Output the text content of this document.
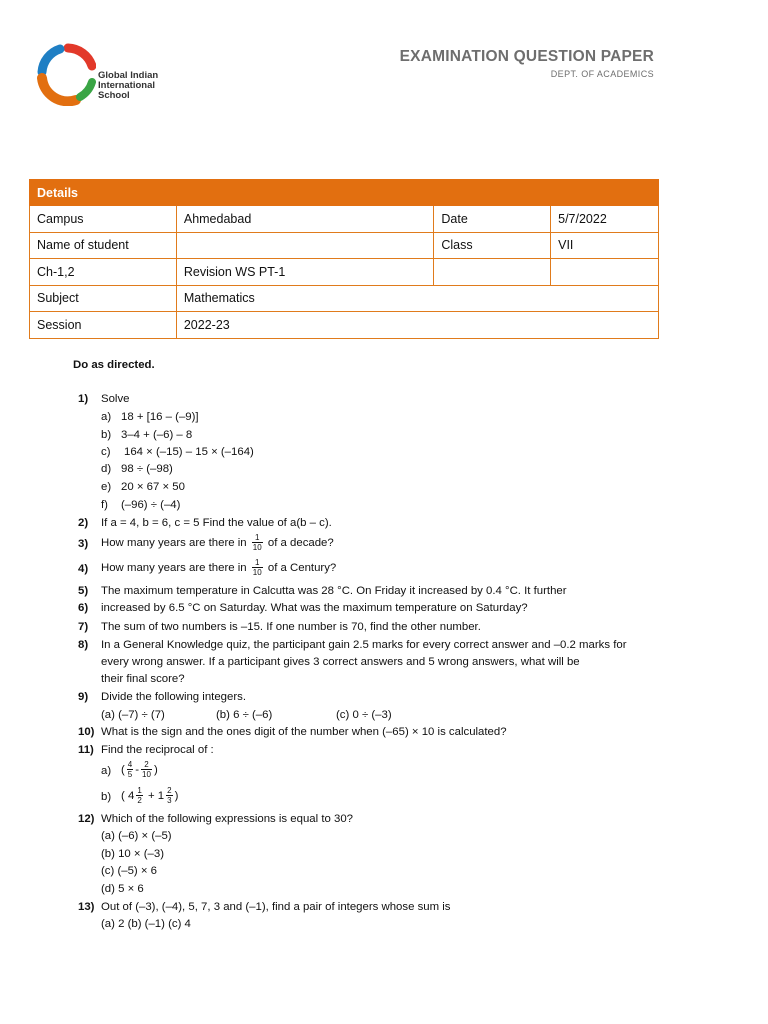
Global Indian
International
School
EXAMINATION QUESTION PAPER
DEPT. OF ACADEMICS
Details			
Campus	Ahmedabad	Date	5/7/2022
Name of student		Class	VII
Ch-1,2	Revision WS PT-1		
Subject	Mathematics		
Session	2022-23		
Do as directed.
1) Solve
a) 18 + [16 – (–9)]
b) 3–4 + (–6) – 8
c) 164 × (–15) – 15 × (–164)
d) 98 ÷ (–98)
e) 20 × 67 × 50
f) (–96) ÷ (–4)
2) If a = 4, b = 6, c = 5 Find the value of a(b – c).
3) How many years are there in $\frac{1}{10}$ of a decade?
4) How many years are there in $\frac{1}{10}$ of a Century?
5) The maximum temperature in Calcutta was 28 °C. On Friday it increased by 0.4 °C. It further
6) increased by 6.5 °C on Saturday. What was the maximum temperature on Saturday?
7) The sum of two numbers is –15. If one number is 70, find the other number.
8) In a General Knowledge quiz, the participant gain 2.5 marks for every correct answer and –0.2 marks for
every wrong answer. If a participant gives 3 correct answers and 5 wrong answers, what will be
their final score?
9) Divide the following integers.
(a) (–7) ÷ (7)	(b) 6 ÷ (–6)	(c) 0 ÷ (–3)
10) What is the sign and the ones digit of the number when (–65) × 10 is calculated?
11) Find the reciprocal of :
a) ( $\frac{4}{5} - \frac{2}{10}$ )
b) ( $4 \frac{1}{2} + 1 \frac{2}{3}$ )
12) Which of the following expressions is equal to 30?
(a) (–6) × (–5)
(b) 10 × (–3)
(c) (–5) × 6
(d) 5 × 6
13) Out of (–3), (–4), 5, 7, 3 and (–1), find a pair of integers whose sum is
(a) 2 (b) (–1) (c) 4
